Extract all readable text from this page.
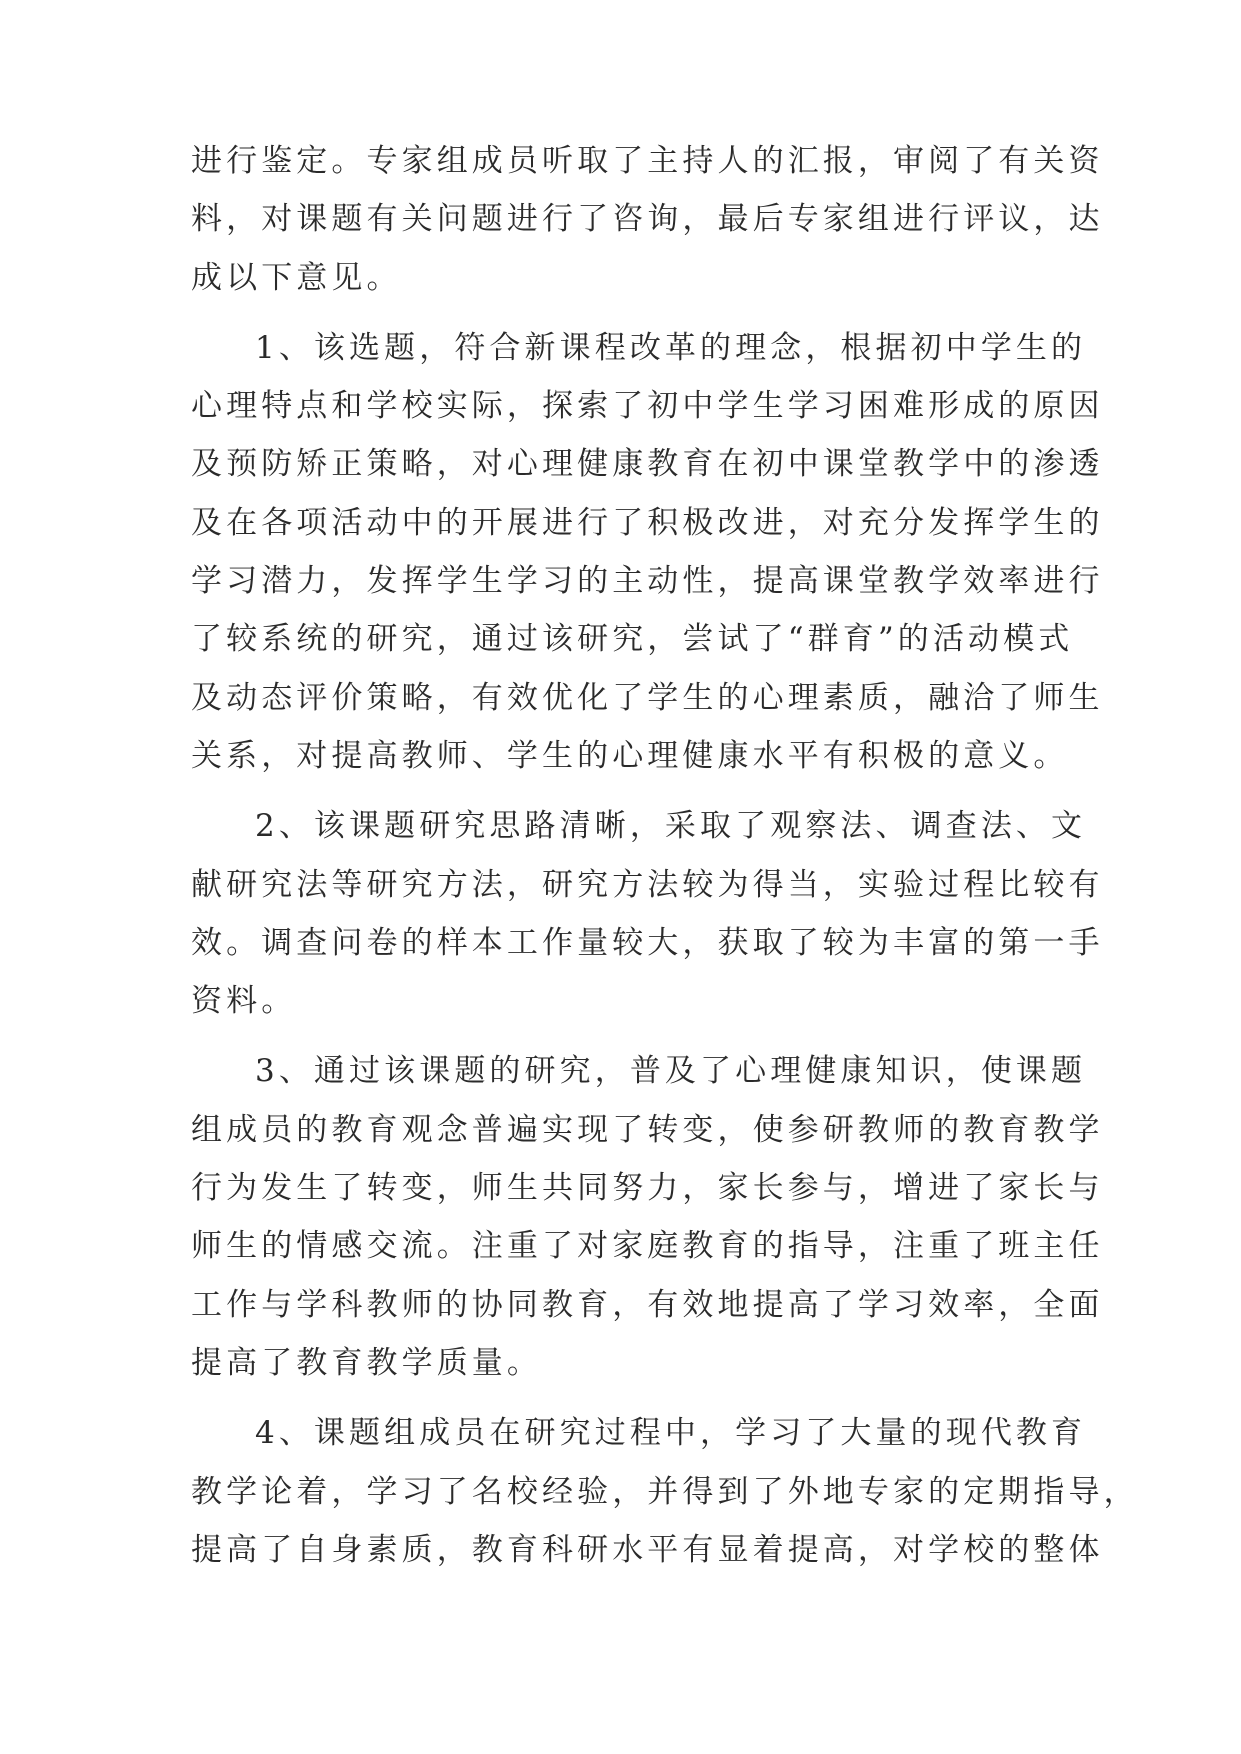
进行鉴定。专家组成员听取了主持人的汇报，审阅了有关资
料，对课题有关问题进行了咨询，最后专家组进行评议，达
成以下意见。

1、该选题，符合新课程改革的理念，根据初中学生的
心理特点和学校实际，探索了初中学生学习困难形成的原因
及预防矫正策略，对心理健康教育在初中课堂教学中的渗透
及在各项活动中的开展进行了积极改进，对充分发挥学生的
学习潜力，发挥学生学习的主动性，提高课堂教学效率进行
了较系统的研究，通过该研究，尝试了“群育”的活动模式
及动态评价策略，有效优化了学生的心理素质，融洽了师生
关系，对提高教师、学生的心理健康水平有积极的意义。

2、该课题研究思路清晰，采取了观察法、调查法、文
献研究法等研究方法，研究方法较为得当，实验过程比较有
效。调查问卷的样本工作量较大，获取了较为丰富的第一手
资料。

3、通过该课题的研究，普及了心理健康知识，使课题
组成员的教育观念普遍实现了转变，使参研教师的教育教学
行为发生了转变，师生共同努力，家长参与，增进了家长与
师生的情感交流。注重了对家庭教育的指导，注重了班主任
工作与学科教师的协同教育，有效地提高了学习效率，全面
提高了教育教学质量。

4、课题组成员在研究过程中，学习了大量的现代教育
教学论着，学习了名校经验，并得到了外地专家的定期指导，
提高了自身素质，教育科研水平有显着提高，对学校的整体
